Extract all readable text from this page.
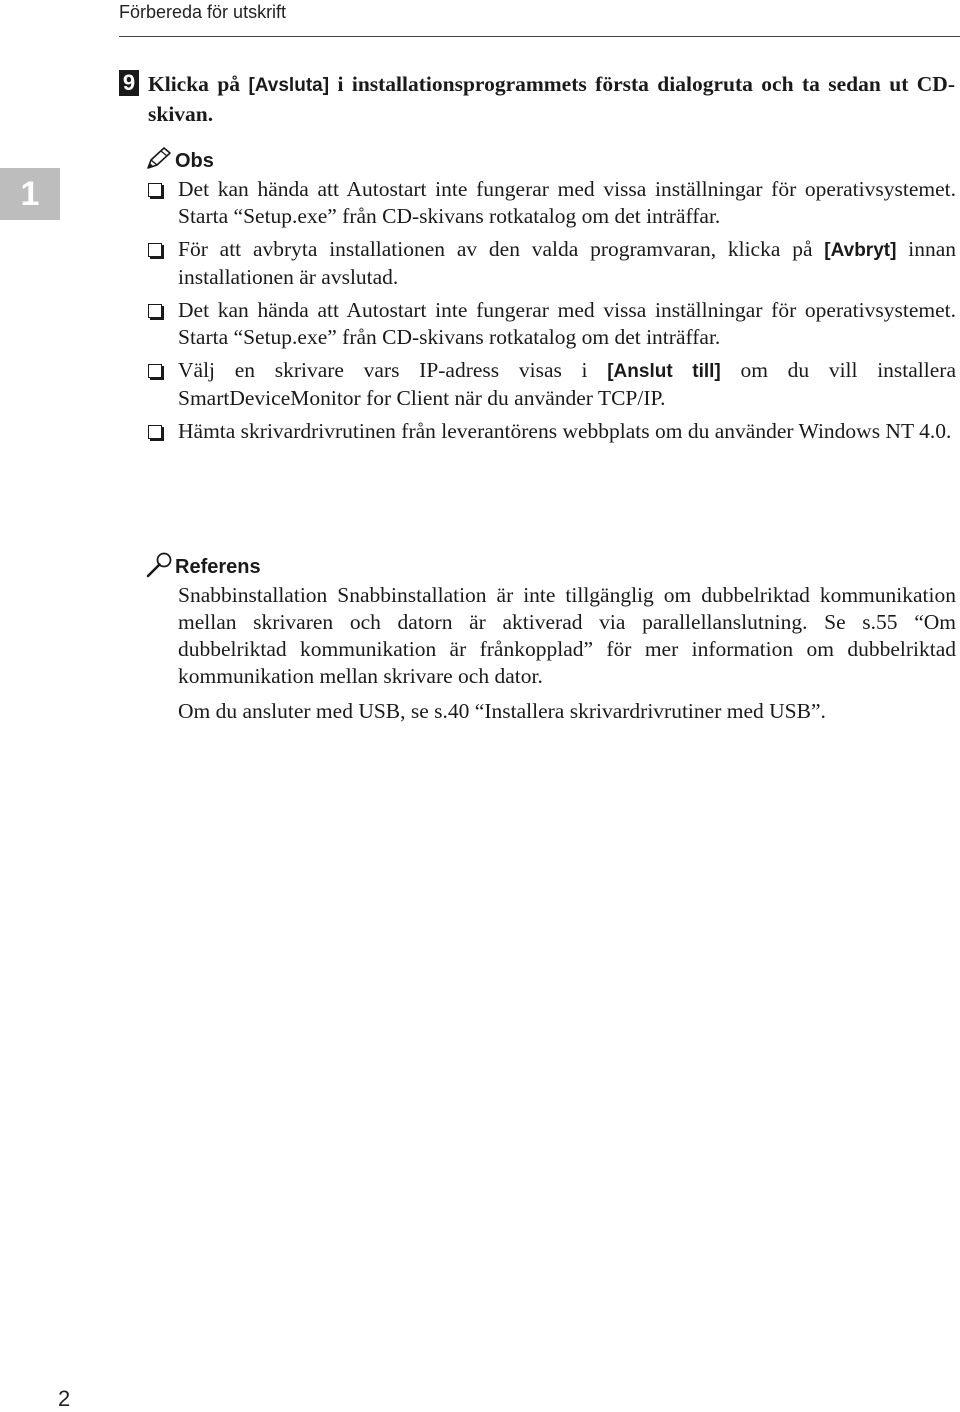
Förbereda för utskrift
1
9 Klicka på [Avsluta] i installationsprogrammets första dialogruta och ta sedan ut CD-skivan.
Obs
Det kan hända att Autostart inte fungerar med vissa inställningar för operativsystemet. Starta “Setup.exe” från CD-skivans rotkatalog om det inträffar.
För att avbryta installationen av den valda programvaran, klicka på [Avbryt] innan installationen är avslutad.
Det kan hända att Autostart inte fungerar med vissa inställningar för operativsystemet. Starta “Setup.exe” från CD-skivans rotkatalog om det inträffar.
Välj en skrivare vars IP-adress visas i [Anslut till] om du vill installera SmartDeviceMonitor for Client när du använder TCP/IP.
Hämta skrivardrivrutinen från leverantörens webbplats om du använder Windows NT 4.0.
Referens
Snabbinstallation Snabbinstallation är inte tillgänglig om dubbelriktad kommunikation mellan skrivaren och datorn är aktiverad via parallellanslutning. Se s.55 “Om dubbelriktad kommunikation är frånkopplad” för mer information om dubbelriktad kommunikation mellan skrivare och dator.
Om du ansluter med USB, se s.40 “Installera skrivardrivrutiner med USB”.
2
